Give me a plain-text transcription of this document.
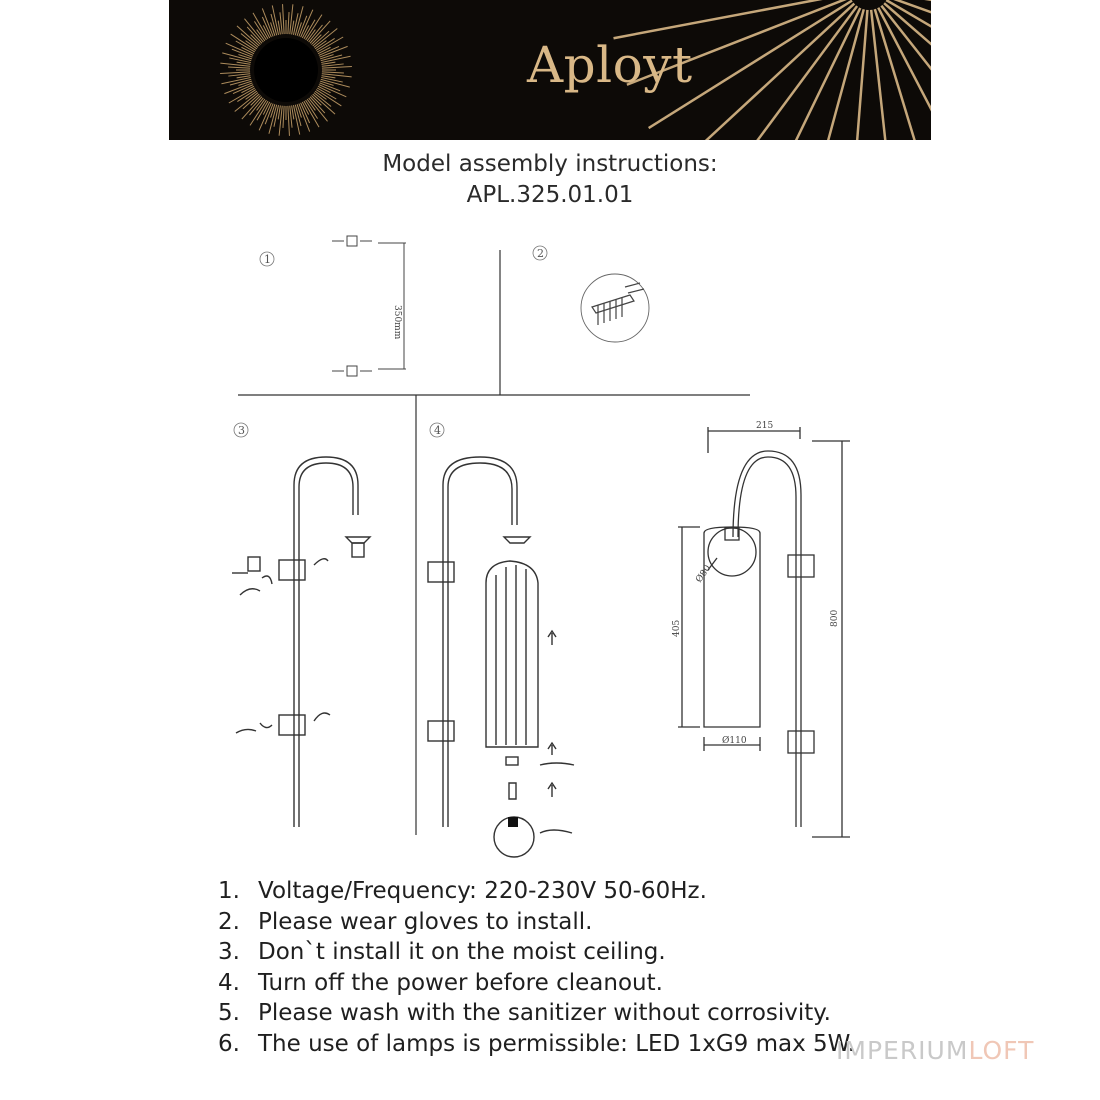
Aployt
Model assembly instructions:
APL.325.01.01
1
350mm
2
3	4	215
800
405
Ø80
Ø110
1. Voltage/Frequency: 220-230V 50-60Hz.
2. Please wear gloves to install.
3. Don`t install it on the moist ceiling.
4. Turn off the power before cleanout.
5. Please wash with the sanitizer without corrosivity.
6. The use of lamps is permissible: LED 1xG9 max 5W.
IMPERIUMLOFT
